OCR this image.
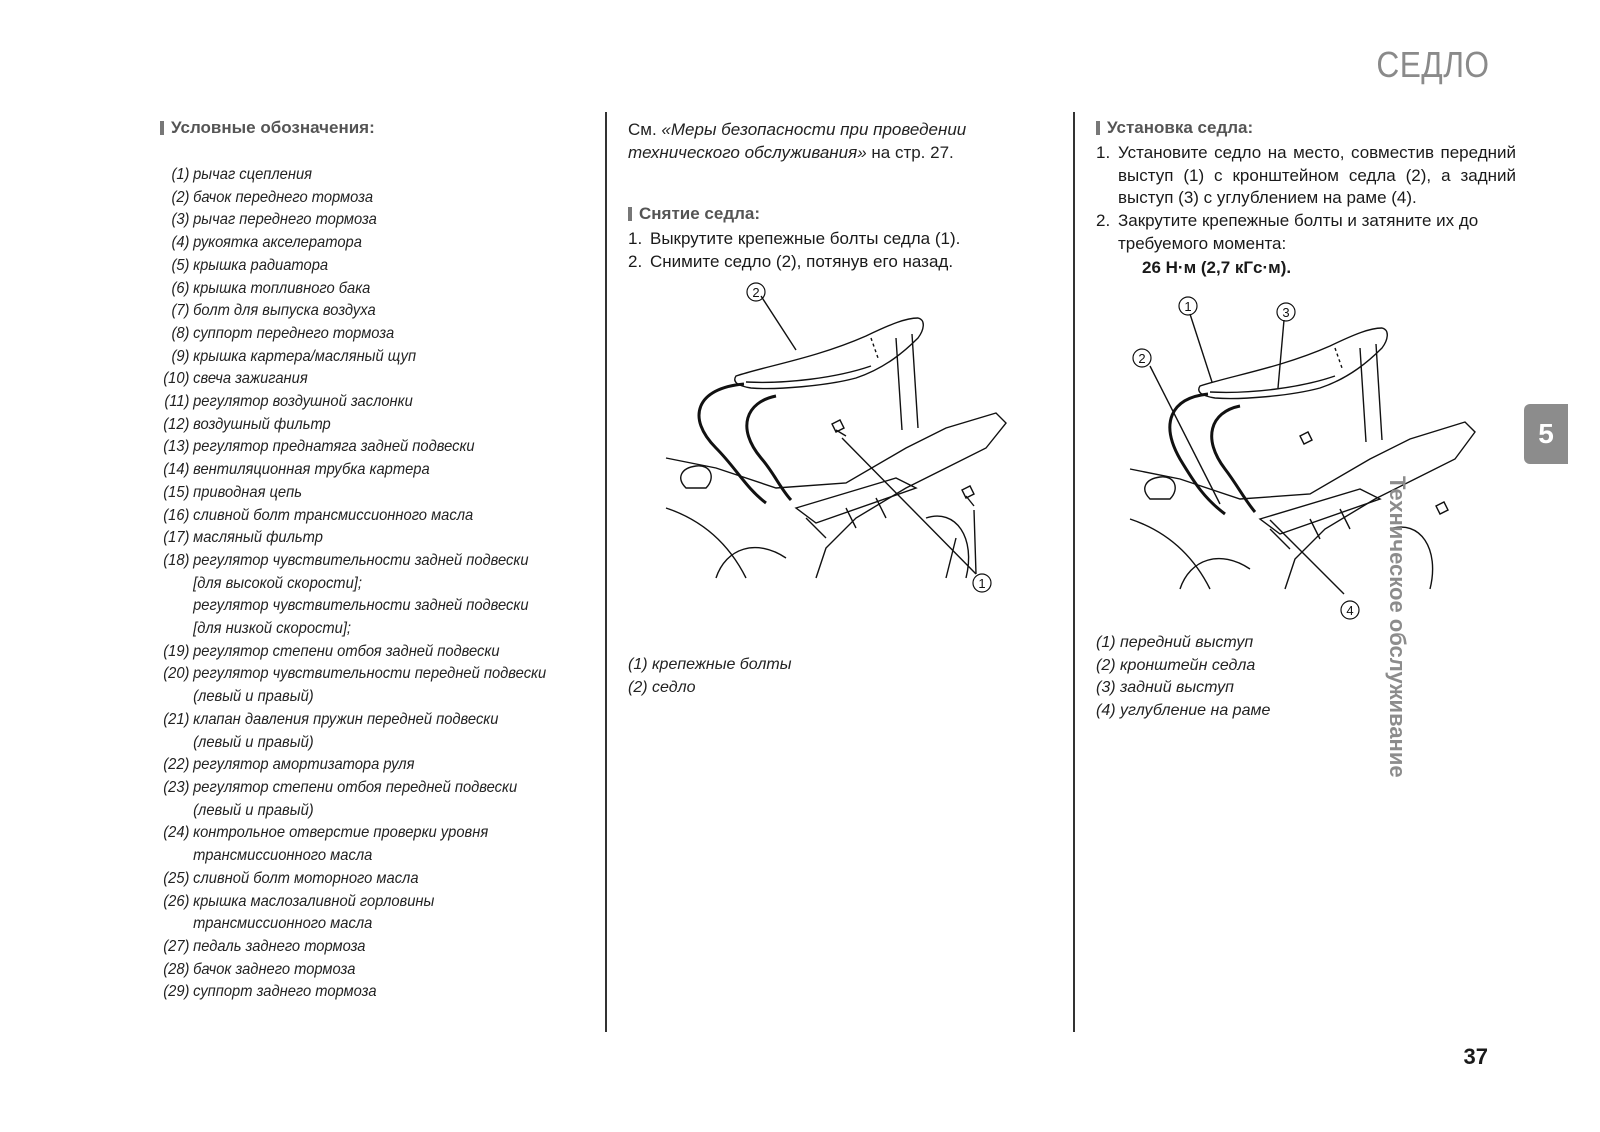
СЕДЛО
Условные обозначения:
(1) рычаг сцепления
(2) бачок переднего тормоза
(3) рычаг переднего тормоза
(4) рукоятка акселератора
(5) крышка радиатора
(6) крышка топливного бака
(7) болт для выпуска воздуха
(8) суппорт переднего тормоза
(9) крышка картера/масляный щуп
(10) свеча зажигания
(11) регулятор воздушной заслонки
(12) воздушный фильтр
(13) регулятор преднатяга задней подвески
(14) вентиляционная трубка картера
(15) приводная цепь
(16) сливной болт трансмиссионного масла
(17) масляный фильтр
(18) регулятор чувствительности задней подвески
[для высокой скорости];
регулятор чувствительности задней подвески
[для низкой скорости];
(19) регулятор степени отбоя задней подвески
(20) регулятор чувствительности передней подвески
(левый и правый)
(21) клапан давления пружин передней подвески
(левый и правый)
(22) регулятор амортизатора руля
(23) регулятор степени отбоя передней подвески
(левый и правый)
(24) контрольное отверстие проверки уровня
трансмиссионного масла
(25) сливной болт моторного масла
(26) крышка маслозаливной горловины
трансмиссионного масла
(27) педаль заднего тормоза
(28) бачок заднего тормоза
(29) суппорт заднего тормоза

См. «Меры безопасности при проведении технического обслуживания» на стр. 27.

Снятие седла:
1. Выкрутите крепежные болты седла (1).
2. Снимите седло (2), потянув его назад.
2
1
(1) крепежные болты
(2) седло
Установка седла:
1. Установите седло на место, совместив передний выступ (1) с кронштейном седла (2), а задний выступ (3) с углублением на раме (4).
2. Закрутите крепежные болты и затяните их до требуемого момента:
26 Н·м (2,7 кГс·м).
1
2
3
4
(1) передний выступ
(2) кронштейн седла
(3) задний выступ
(4) углубление на раме
5
Техническое обслуживание
37
